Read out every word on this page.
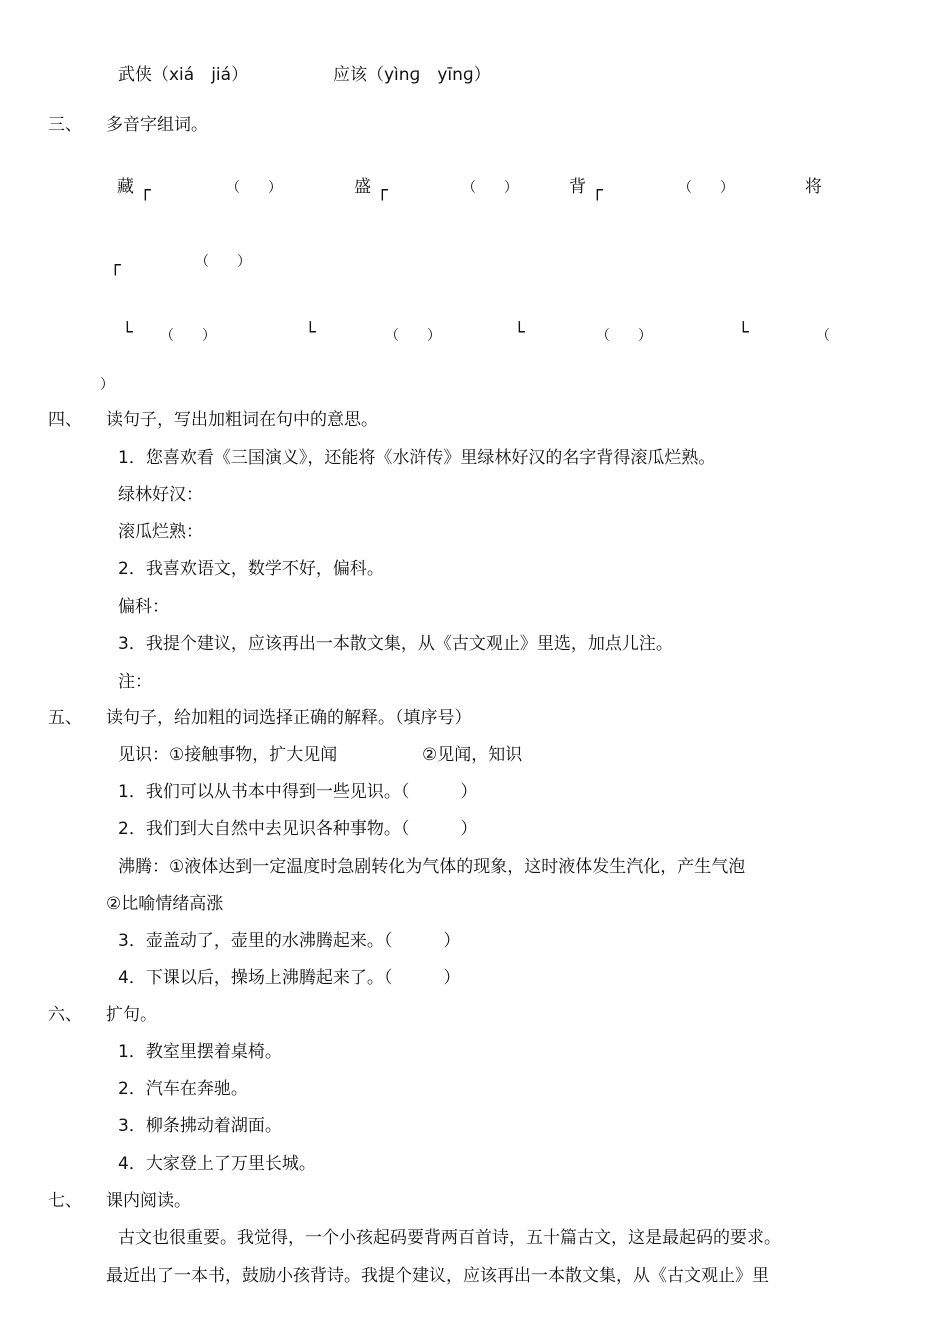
武侠（xiá　jiá）	应该（yìnɡ　yīnɡ）
三、 多音字组词。
藏 ┌	（　　）	盛 ┌	（　　）	背 ┌	（　　）	将
┌	（　　）
└ （　　）	└	（　　）	└	（　　）	└	（
）
四、 读句子，写出加粗词在句中的意思。
1．您喜欢看《三国演义》，还能将《水浒传》里绿林好汉的名字背得滚瓜烂熟。
绿林好汉：
滚瓜烂熟：
2．我喜欢语文，数学不好，偏科。
偏科：
3．我提个建议，应该再出一本散文集，从《古文观止》里选，加点儿注。
注：
五、 读句子，给加粗的词选择正确的解释。（填序号）
见识：①接触事物，扩大见闻	②见闻，知识
1．我们可以从书本中得到一些见识。（　　　）
2．我们到大自然中去见识各种事物。（　　　）
沸腾：①液体达到一定温度时急剧转化为气体的现象，这时液体发生汽化，产生气泡
②比喻情绪高涨
3．壶盖动了，壶里的水沸腾起来。（　　　）
4．下课以后，操场上沸腾起来了。（　　　）
六、 扩句。
1．教室里摆着桌椅。
2．汽车在奔驰。
3．柳条拂动着湖面。
4．大家登上了万里长城。
七、 课内阅读。
古文也很重要。我觉得，一个小孩起码要背两百首诗，五十篇古文，这是最起码的要求。
最近出了一本书，鼓励小孩背诗。我提个建议，应该再出一本散文集，从《古文观止》里
